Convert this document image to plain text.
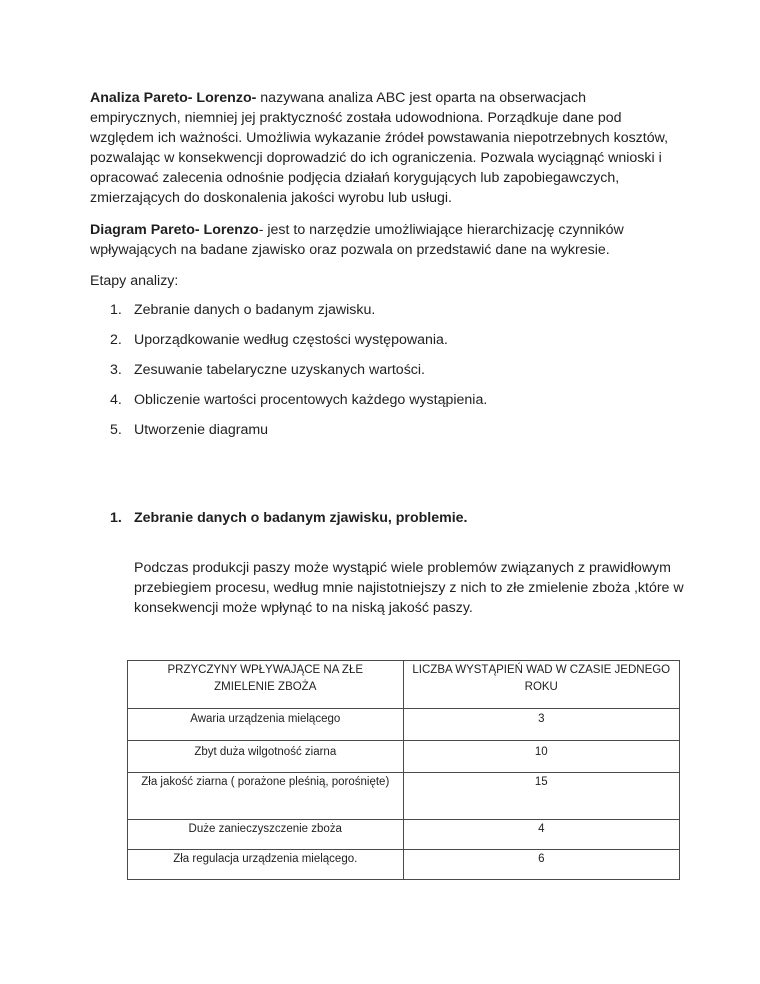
Analiza Pareto- Lorenzo- nazywana analiza ABC jest oparta na obserwacjach empirycznych, niemniej jej praktyczność została udowodniona. Porządkuje dane pod względem ich ważności. Umożliwia wykazanie źródeł powstawania niepotrzebnych kosztów, pozwalając w konsekwencji doprowadzić do ich ograniczenia. Pozwala wyciągnąć wnioski i opracować zalecenia odnośnie podjęcia działań korygujących lub zapobiegawczych, zmierzających do doskonalenia jakości wyrobu lub usługi.

Diagram Pareto- Lorenzo- jest to narzędzie umożliwiające hierarchizację czynników wpływających na badane zjawisko oraz pozwala on przedstawić dane na wykresie.

Etapy analizy:

1. Zebranie danych o badanym zjawisku.
2. Uporządkowanie według częstości występowania.
3. Zesuwanie tabelaryczne uzyskanych wartości.
4. Obliczenie wartości procentowych każdego wystąpienia.
5. Utworzenie diagramu
1. Zebranie danych o badanym zjawisku, problemie.

Podczas produkcji paszy może wystąpić wiele problemów związanych z prawidłowym przebiegiem procesu, według mnie najistotniejszy z nich to złe zmielenie zboża ,które w konsekwencji może wpłynąć to na niską jakość paszy.

PRZYCZYNY WPŁYWAJĄCE NA ZŁE ZMIELENIE ZBOŻA	LICZBA WYSTĄPIEŃ WAD W CZASIE JEDNEGO ROKU
Awaria urządzenia mielącego	3
Zbyt duża wilgotność ziarna	10
Zła jakość ziarna ( porażone pleśnią, porośnięte)	15
Duże zanieczyszczenie zboża	4
Zła regulacja urządzenia mielącego.	6
